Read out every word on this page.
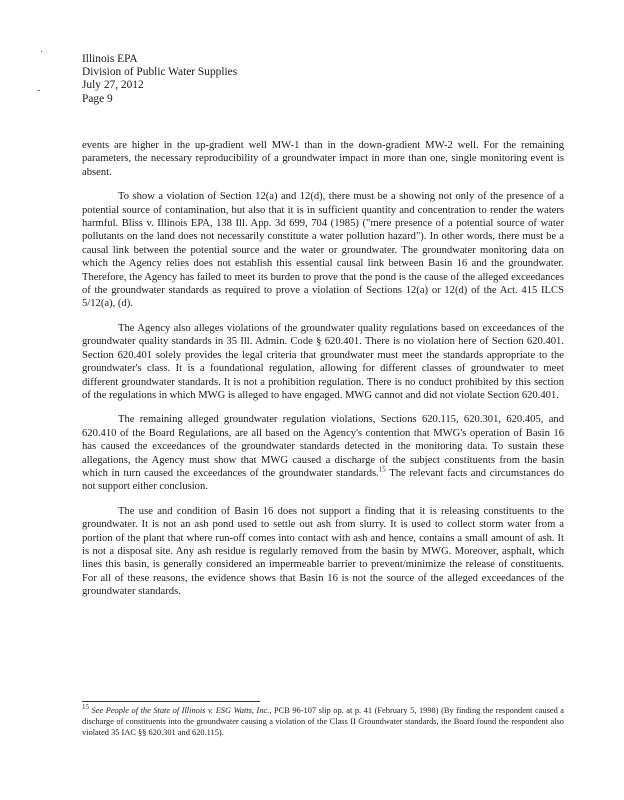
·
-
Illinois EPA
Division of Public Water Supplies
July 27, 2012
Page 9

events are higher in the up-gradient well MW-1 than in the down-gradient MW-2 well. For the remaining parameters, the necessary reproducibility of a groundwater impact in more than one, single monitoring event is absent.

To show a violation of Section 12(a) and 12(d), there must be a showing not only of the presence of a potential source of contamination, but also that it is in sufficient quantity and concentration to render the waters harmful. Bliss v. Illinois EPA, 138 Ill. App. 3d 699, 704 (1985) ("mere presence of a potential source of water pollutants on the land does not necessarily constitute a water pollution hazard"). In other words, there must be a causal link between the potential source and the water or groundwater. The groundwater monitoring data on which the Agency relies does not establish this essential causal link between Basin 16 and the groundwater. Therefore, the Agency has failed to meet its burden to prove that the pond is the cause of the alleged exceedances of the groundwater standards as required to prove a violation of Sections 12(a) or 12(d) of the Act. 415 ILCS 5/12(a), (d).

The Agency also alleges violations of the groundwater quality regulations based on exceedances of the groundwater quality standards in 35 Ill. Admin. Code § 620.401. There is no violation here of Section 620.401. Section 620.401 solely provides the legal criteria that groundwater must meet the standards appropriate to the groundwater's class. It is a foundational regulation, allowing for different classes of groundwater to meet different groundwater standards. It is not a prohibition regulation. There is no conduct prohibited by this section of the regulations in which MWG is alleged to have engaged. MWG cannot and did not violate Section 620.401.

The remaining alleged groundwater regulation violations, Sections 620.115, 620.301, 620.405, and 620.410 of the Board Regulations, are all based on the Agency's contention that MWG's operation of Basin 16 has caused the exceedances of the groundwater standards detected in the monitoring data. To sustain these allegations, the Agency must show that MWG caused a discharge of the subject constituents from the basin which in turn caused the exceedances of the groundwater standards.$^{15}$ The relevant facts and circumstances do not support either conclusion.

The use and condition of Basin 16 does not support a finding that it is releasing constituents to the groundwater. It is not an ash pond used to settle out ash from slurry. It is used to collect storm water from a portion of the plant that where run-off comes into contact with ash and hence, contains a small amount of ash. It is not a disposal site. Any ash residue is regularly removed from the basin by MWG. Moreover, asphalt, which lines this basin, is generally considered an impermeable barrier to prevent/minimize the release of constituents. For all of these reasons, the evidence shows that Basin 16 is not the source of the alleged exceedances of the groundwater standards.

$^{15}$ See People of the State of Illinois v. ESG Watts, Inc., PCB 96-107 slip op. at p. 41 (February 5, 1998) (By finding the respondent caused a discharge of constituents into the groundwater causing a violation of the Class II Groundwater standards, the Board found the respondent also violated 35 IAC §§ 620.301 and 620.115).
